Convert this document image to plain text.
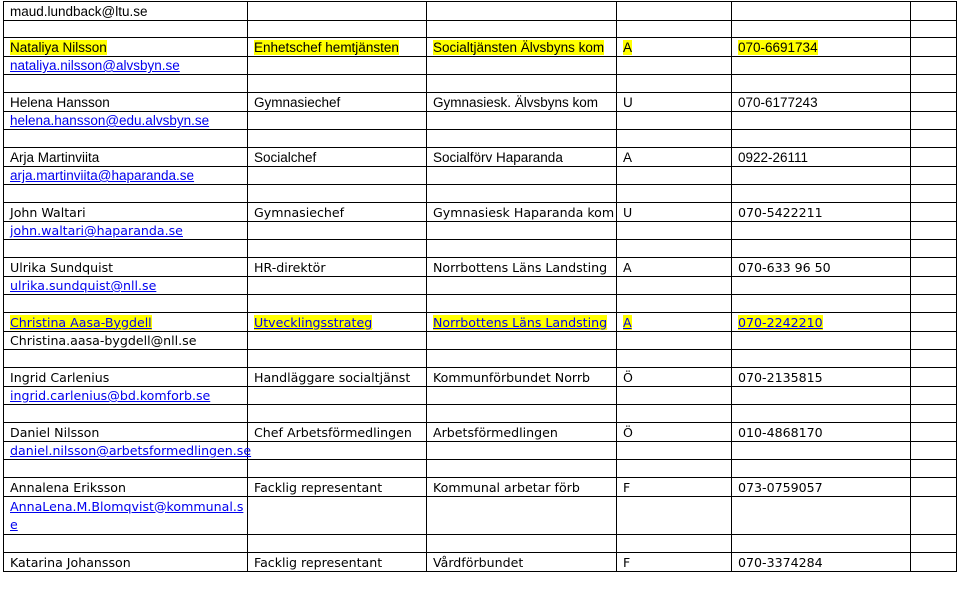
maud.lundback@ltu.se					

Nataliya Nilsson	Enhetschef hemtjänsten	Socialtjänsten Älvsbyns kom	A	070-6691734	
nataliya.nilsson@alvsbyn.se					

Helena Hansson	Gymnasiechef	Gymnasiesk. Älvsbyns kom	U	070-6177243	
helena.hansson@edu.alvsbyn.se					

Arja Martinviita	Socialchef	Socialförv Haparanda	A	0922-26111	
arja.martinviita@haparanda.se					

John Waltari	Gymnasiechef	Gymnasiesk Haparanda kom	U	070-5422211	
john.waltari@haparanda.se					

Ulrika Sundquist	HR-direktör	Norrbottens Läns Landsting	A	070-633 96 50	
ulrika.sundquist@nll.se					

Christina Aasa-Bygdell	Utvecklingsstrateg	Norrbottens Läns Landsting	A	070-2242210	
Christina.aasa-bygdell@nll.se					

Ingrid Carlenius	Handläggare socialtjänst	Kommunförbundet Norrb	Ö	070-2135815	
ingrid.carlenius@bd.komforb.se					

Daniel Nilsson	Chef Arbetsförmedlingen	Arbetsförmedlingen	Ö	010-4868170	
daniel.nilsson@arbetsformedlingen.se					

Annalena Eriksson	Facklig representant	Kommunal arbetar förb	F	073-0759057	
AnnaLena.M.Blomqvist@kommunal.se					

Katarina Johansson	Facklig representant	Vårdförbundet	F	070-3374284	
